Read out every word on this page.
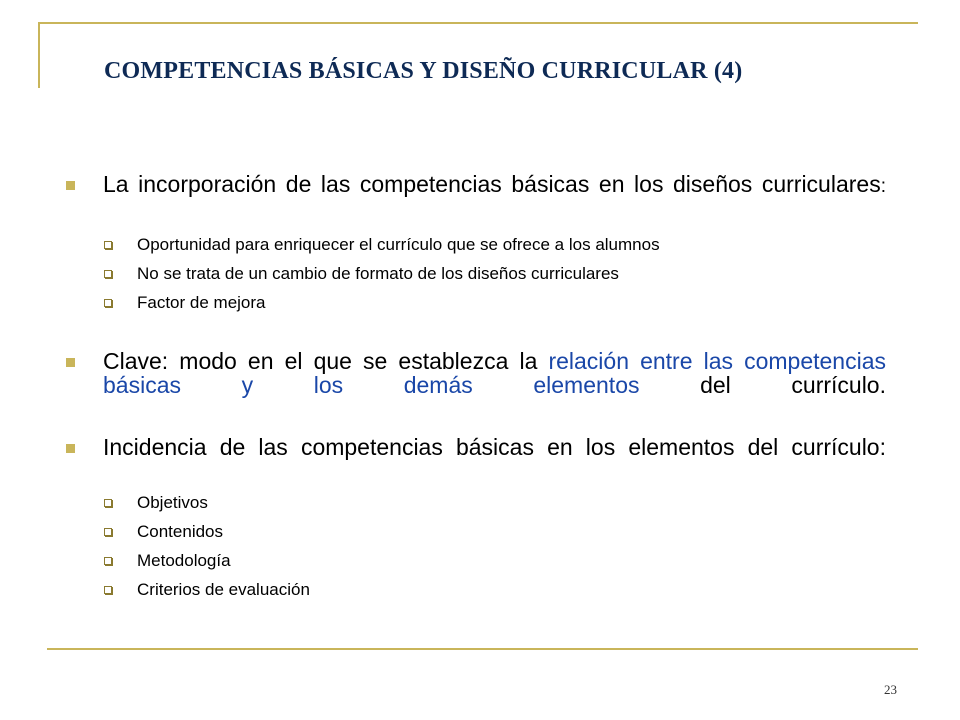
COMPETENCIAS BÁSICAS Y DISEÑO CURRICULAR (4)
La incorporación de las competencias básicas en los diseños curriculares:
Oportunidad para enriquecer el currículo que se ofrece a los alumnos
No se trata de un cambio de formato de los diseños curriculares
Factor de mejora
Clave: modo en el que se establezca la relación entre las competencias básicas y los demás elementos del currículo.
Incidencia de las competencias básicas en los elementos del currículo:
Objetivos
Contenidos
Metodología
Criterios de evaluación
23
